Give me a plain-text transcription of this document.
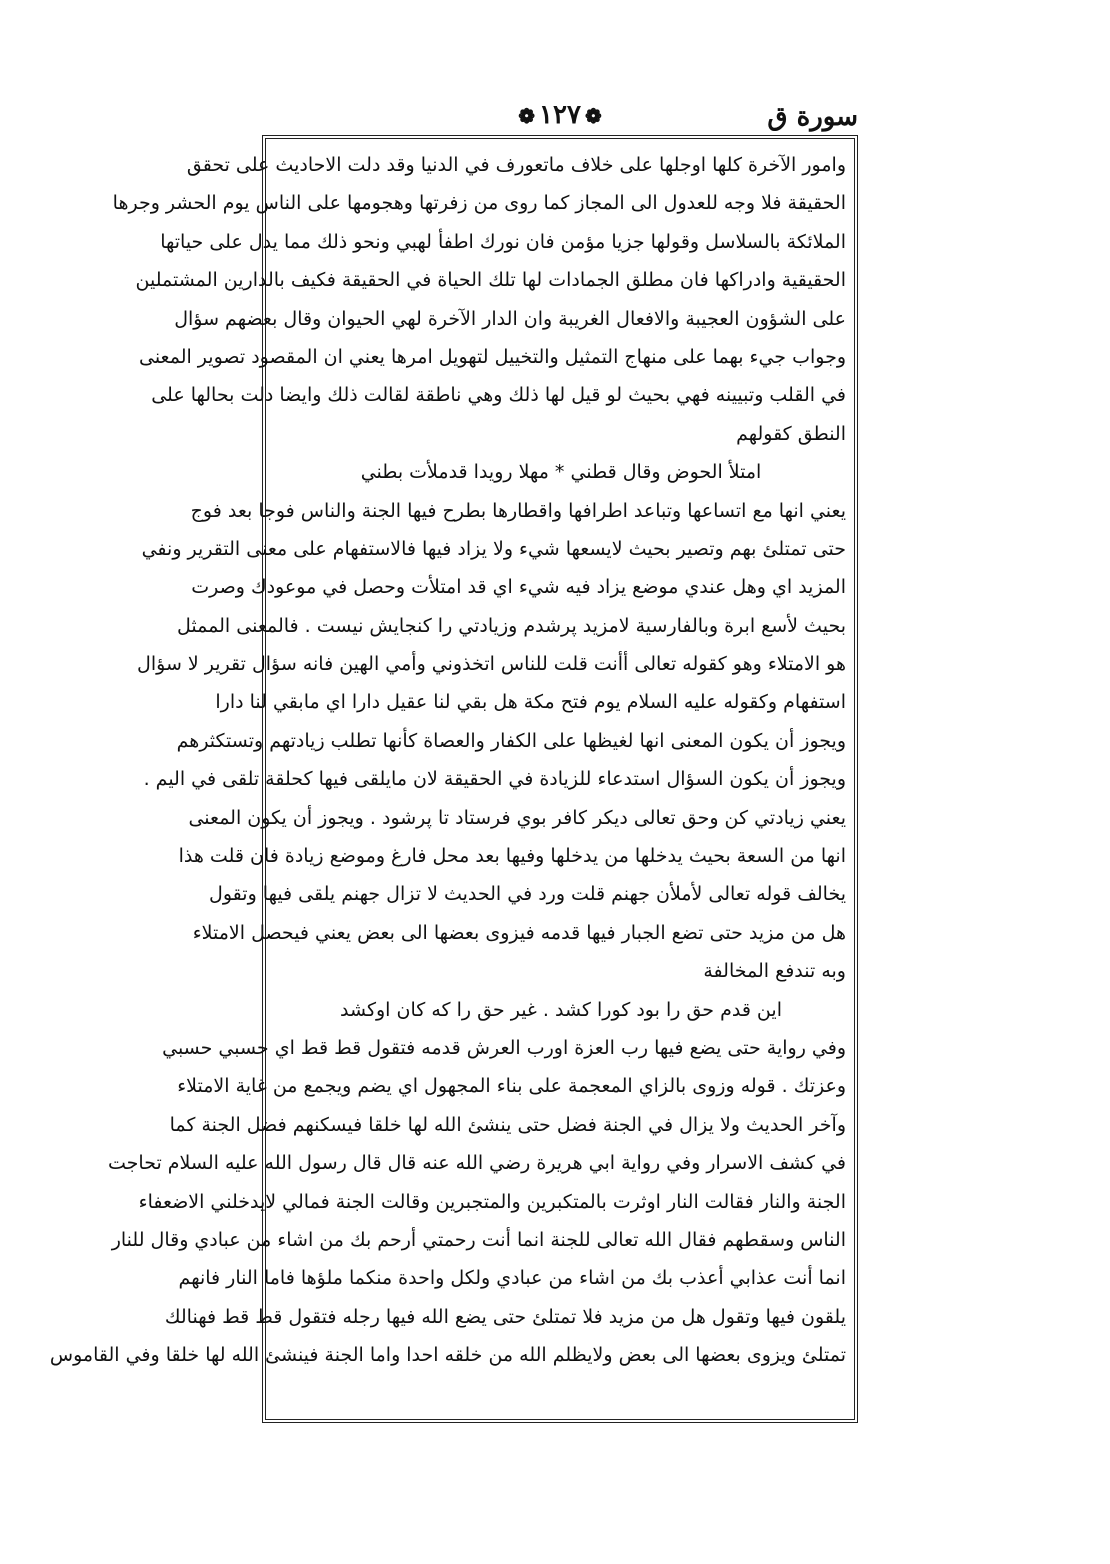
سورة ق
❁١٢٧❁
وامور الآخرة كلها اوجلها على خلاف ماتعورف في الدنيا وقد دلت الاحاديث على تحقق
الحقيقة فلا وجه للعدول الى المجاز كما روى من زفرتها وهجومها على الناس يوم الحشر وجرها
الملائكة بالسلاسل وقولها جزيا مؤمن فان نورك اطفأ لهبي ونحو ذلك مما يدل على حياتها
الحقيقية وادراكها فان مطلق الجمادات لها تلك الحياة في الحقيقة فكيف بالدارين المشتملين
على الشؤون العجيبة والافعال الغريبة وان الدار الآخرة لهي الحيوان وقال بعضهم سؤال
وجواب جيء بهما على منهاج التمثيل والتخييل لتهويل امرها يعني ان المقصود تصوير المعنى
في القلب وتبيينه فهي بحيث لو قيل لها ذلك وهي ناطقة لقالت ذلك وايضا دلت بحالها على
النطق كقولهم
امتلأ الحوض وقال قطني * مهلا رويدا قدملأت بطني
يعني انها مع اتساعها وتباعد اطرافها واقطارها بطرح فيها الجنة والناس فوجا بعد فوج
حتى تمتلئ بهم وتصير بحيث لايسعها شيء ولا يزاد فيها فالاستفهام على معنى التقرير ونفي
المزيد اي وهل عندي موضع يزاد فيه شيء اي قد امتلأت وحصل في موعودك وصرت
بحيث لأسع ابرة وبالفارسية لامزيد پرشدم وزيادتي را كنجايش نيست . فالمعنى الممثل
هو الامتلاء وهو كقوله تعالى أأنت قلت للناس اتخذوني وأمي الهين فانه سؤال تقرير لا سؤال
استفهام وكقوله عليه السلام يوم فتح مكة هل بقي لنا عقيل دارا اي مابقي لنا دارا
ويجوز أن يكون المعنى انها لغيظها على الكفار والعصاة كأنها تطلب زيادتهم وتستكثرهم
ويجوز أن يكون السؤال استدعاء للزيادة في الحقيقة لان مايلقى فيها كحلقة تلقى في اليم .
يعني زيادتي كن وحق تعالى ديكر كافر بوي فرستاد تا پرشود . ويجوز أن يكون المعنى
انها من السعة بحيث يدخلها من يدخلها وفيها بعد محل فارغ وموضع زيادة فان قلت هذا
يخالف قوله تعالى لأملأن جهنم قلت ورد في الحديث لا تزال جهنم يلقى فيها وتقول
هل من مزيد حتى تضع الجبار فيها قدمه فيزوى بعضها الى بعض يعني فيحصل الامتلاء
وبه تندفع المخالفة
اين قدم حق را بود كورا كشد . غير حق را كه كان اوكشد
وفي رواية حتى يضع فيها رب العزة اورب العرش قدمه فتقول قط قط اي حسبي حسبي
وعزتك . قوله وزوى بالزاي المعجمة على بناء المجهول اي يضم ويجمع من غاية الامتلاء
وآخر الحديث ولا يزال في الجنة فضل حتى ينشئ الله لها خلقا فيسكنهم فضل الجنة كما
في كشف الاسرار وفي رواية ابي هريرة رضي الله عنه قال قال رسول الله عليه السلام تحاجت
الجنة والنار فقالت النار اوثرت بالمتكبرين والمتجبرين وقالت الجنة فمالي لايدخلني الاضعفاء
الناس وسقطهم فقال الله تعالى للجنة انما أنت رحمتي أرحم بك من اشاء من عبادي وقال للنار
انما أنت عذابي أعذب بك من اشاء من عبادي ولكل واحدة منكما ملؤها فاما النار فانهم
يلقون فيها وتقول هل من مزيد فلا تمتلئ حتى يضع الله فيها رجله فتقول قط قط فهنالك
تمتلئ ويزوى بعضها الى بعض ولايظلم الله من خلقه احدا واما الجنة فينشئ الله لها خلقا وفي القاموس
